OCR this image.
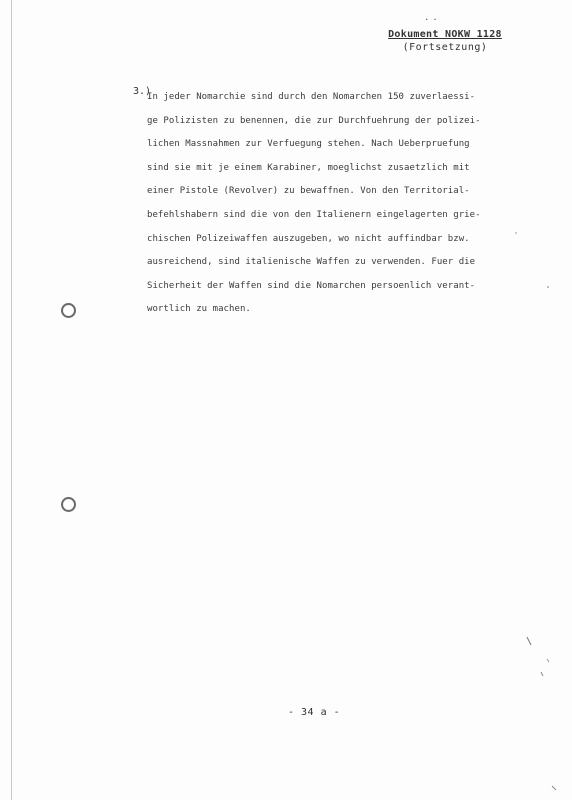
..
Dokument NOKW 1128
(Fortsetzung)
3.)
In jeder Nomarchie sind durch den Nomarchen 150 zuverlaessi-
ge Polizisten zu benennen, die zur Durchfuehrung der polizei-
lichen Massnahmen zur Verfuegung stehen. Nach Ueberpruefung
sind sie mit je einem Karabiner, moeglichst zusaetzlich mit
einer Pistole (Revolver) zu bewaffnen. Von den Territorial-
befehlshabern sind die von den Italienern eingelagerten grie-
chischen Polizeiwaffen auszugeben, wo nicht auffindbar bzw.
ausreichend, sind italienische Waffen zu verwenden. Fuer die
Sicherheit der Waffen sind die Nomarchen persoenlich verant-
wortlich zu machen.
- 34 a -
